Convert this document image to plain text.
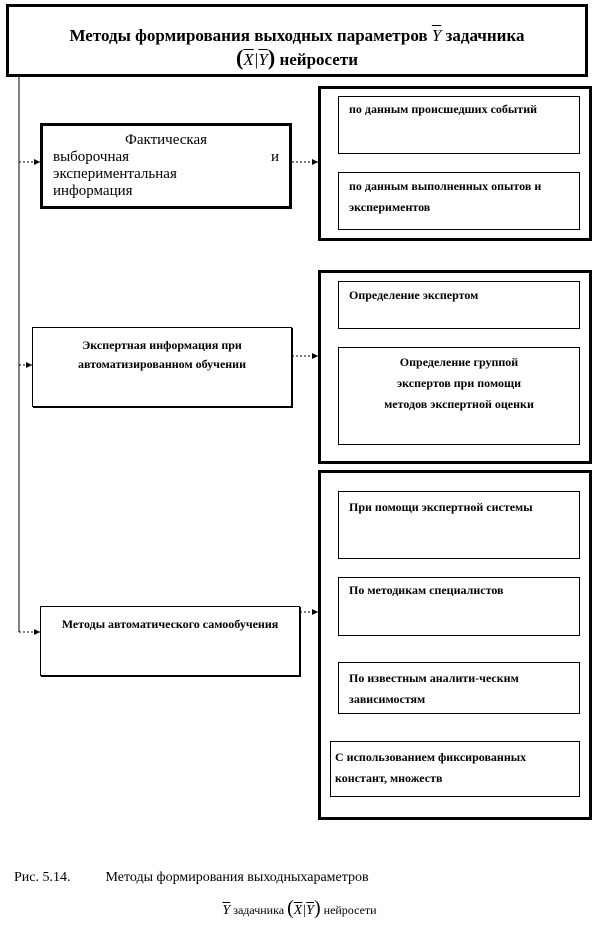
Методы формирования выходных параметров $\overline{Y}$ задачника
$(\overline{X}|\overline{Y})$ нейросети
Фактическая
выборочная	и
экспериментальная
информация
по данным происшедших событий
по данным выполненных опытов и экспериментов
Экспертная информация при автоматизированном обучении
Определение экспертом
Определение группой экспертов при помощи методов экспертной оценки
Методы автоматического самообучения
При помощи экспертной системы
По методикам специалистов
По известным аналити-ческим зависимостям
С использованием фиксированных констант, множеств
Рис. 5.14.	Методы формирования выходныхараметров
$\overline{Y}$ задачника $(\overline{X}|\overline{Y})$ нейросети
